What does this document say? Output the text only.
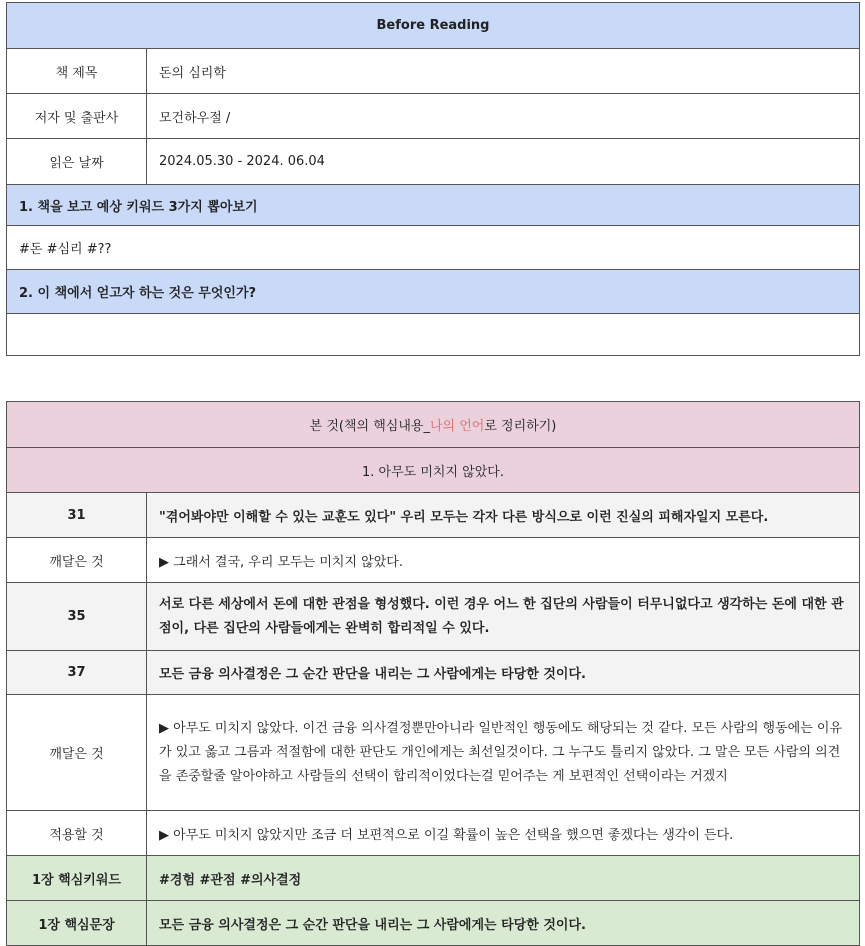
Before Reading	
책 제목	돈의 심리학
저자 및 출판사	모건하우절 /
읽은 날짜	2024.05.30 - 2024. 06.04
1. 책을 보고 예상 키워드 3가지 뽑아보기	
#돈 #심리 #??	
2. 이 책에서 얻고자 하는 것은 무엇인가?	

본 것(책의 핵심내용_나의 언어로 정리하기)	
1. 아무도 미치지 않았다.	
31	"겪어봐야만 이해할 수 있는 교훈도 있다" 우리 모두는 각자 다른 방식으로 이런 진실의 피해자일지 모른다.
깨달은 것	▶ 그래서 결국, 우리 모두는 미치지 않았다.
35	서로 다른 세상에서 돈에 대한 관점을 형성했다. 이런 경우 어느 한 집단의 사람들이 터무니없다고 생각하는 돈에 대한 관점이, 다른 집단의 사람들에게는 완벽히 합리적일 수 있다.
37	모든 금융 의사결정은 그 순간 판단을 내리는 그 사람에게는 타당한 것이다.
깨달은 것	▶ 아무도 미치지 않았다. 이건 금융 의사결정뿐만아니라 일반적인 행동에도 해당되는 것 같다. 모든 사람의 행동에는 이유가 있고 옳고 그름과 적절함에 대한 판단도 개인에게는 최선일것이다. 그 누구도 틀리지 않았다. 그 말은 모든 사람의 의견을 존중할줄 알아야하고 사람들의 선택이 합리적이었다는걸 믿어주는 게 보편적인 선택이라는 거겠지
적용할 것	▶ 아무도 미치지 않았지만 조금 더 보편적으로 이길 확률이 높은 선택을 했으면 좋겠다는 생각이 든다.
1장 핵심키워드	#경험 #관점 #의사결정
1장 핵심문장	모든 금융 의사결정은 그 순간 판단을 내리는 그 사람에게는 타당한 것이다.
